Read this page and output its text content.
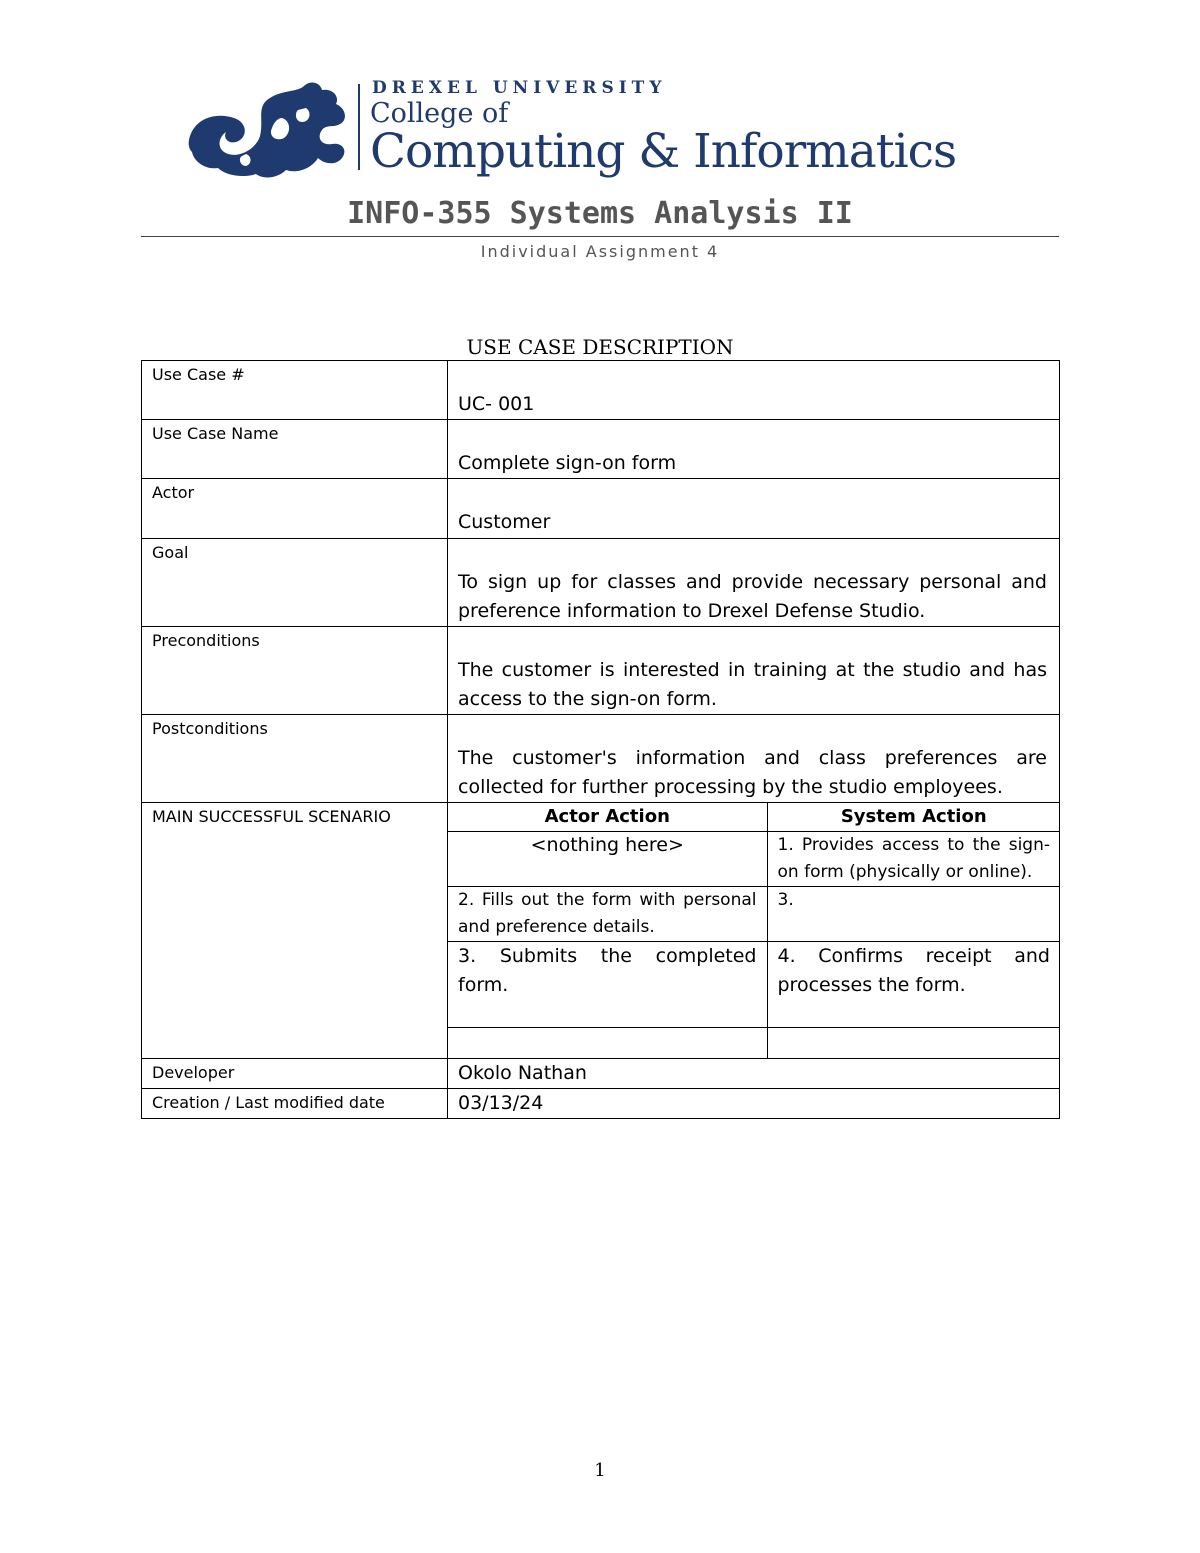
DREXEL UNIVERSITY
College of
Computing & Informatics
INFO-355 Systems Analysis II
Individual Assignment 4
USE CASE DESCRIPTION
Use Case #	
UC- 001

Use Case Name	
Complete sign-on form

Actor	
Customer

Goal	
To sign up for classes and provide necessary personal and preference information to Drexel Defense Studio.

Preconditions	
The customer is interested in training at the studio and has access to the sign-on form.

Postconditions	
The customer's information and class preferences are collected for further processing by the studio employees.

MAIN SUCCESSFUL SCENARIO		Actor Action	System Action
<nothing here>	1. Provides access to the sign-on form (physically or online).
2. Fills out the form with personal and preference details.	3.
3. Submits the completed form.	4. Confirms receipt and processes the form.

Developer	Okolo Nathan
Creation / Last modified date	03/13/24
1
